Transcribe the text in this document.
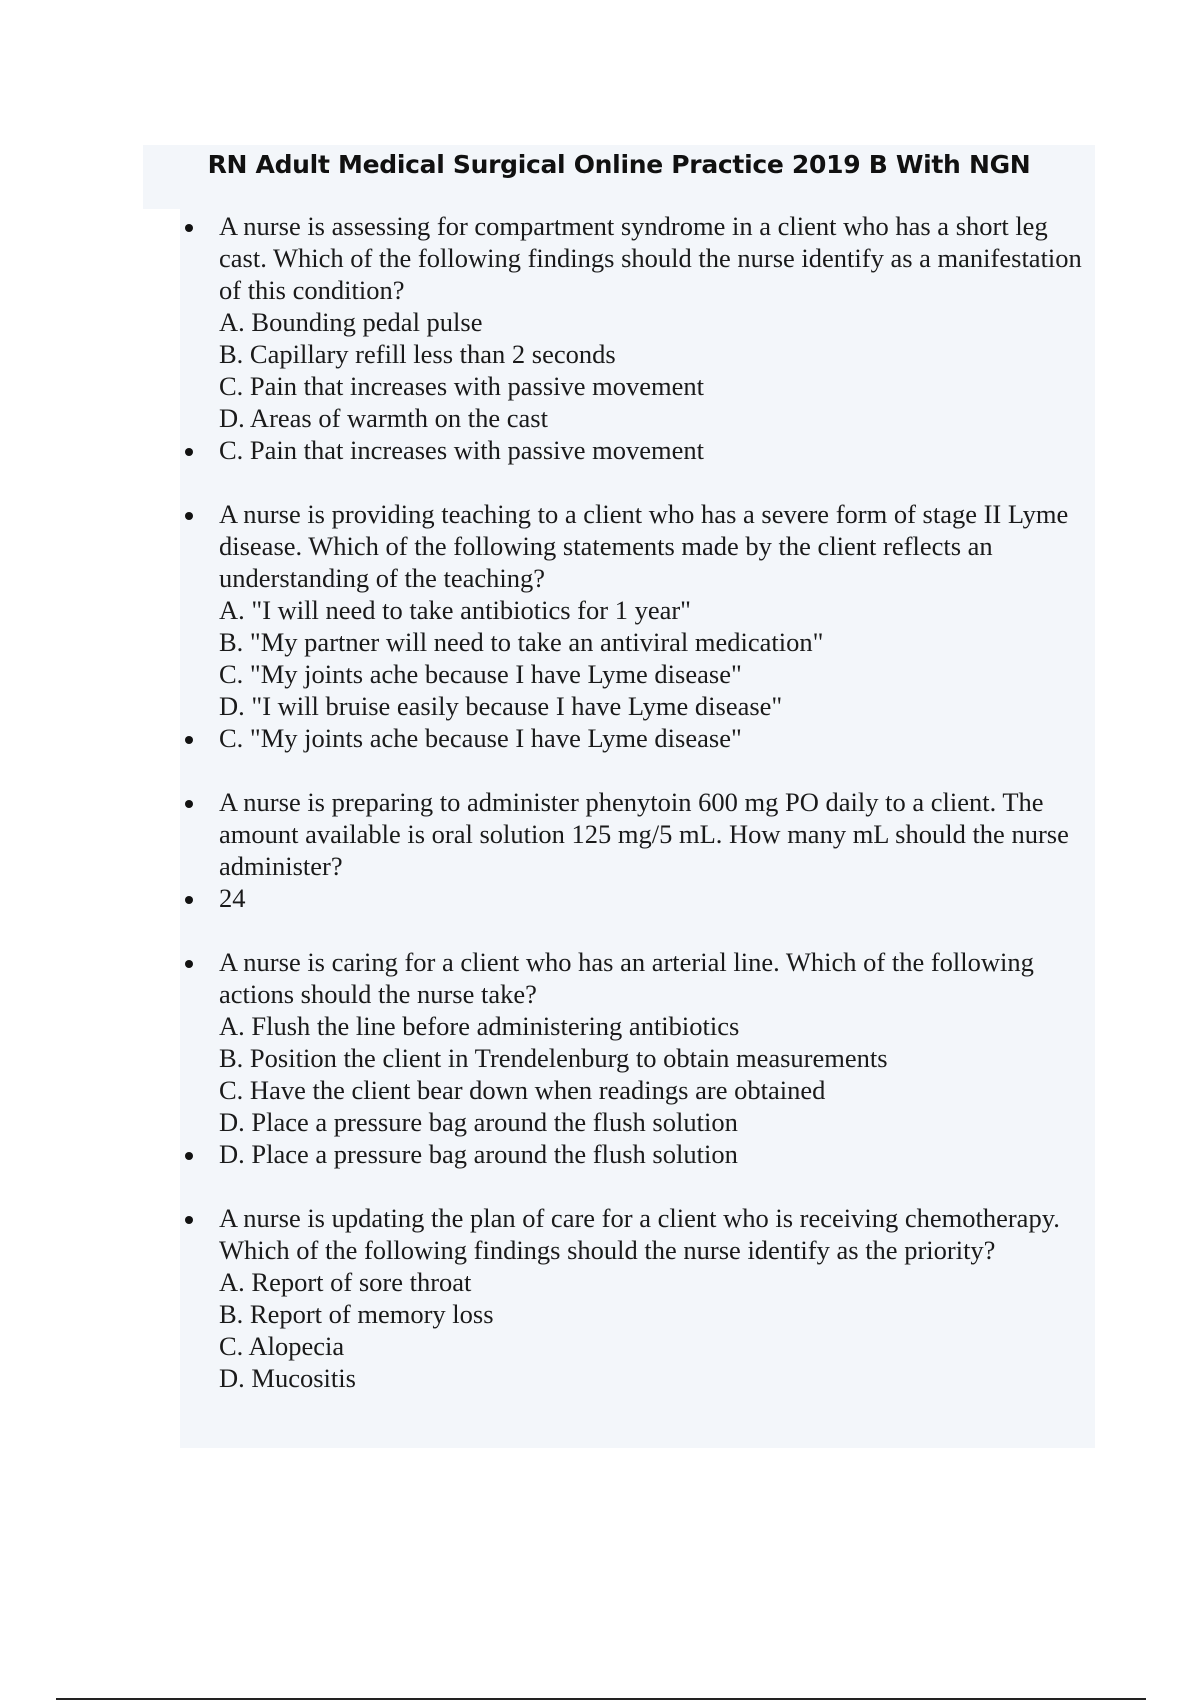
RN Adult Medical Surgical Online Practice 2019 B With NGN
A nurse is assessing for compartment syndrome in a client who has a short leg cast. Which of the following findings should the nurse identify as a manifestation of this condition?
A. Bounding pedal pulse
B. Capillary refill less than 2 seconds
C. Pain that increases with passive movement
D. Areas of warmth on the cast
C. Pain that increases with passive movement
A nurse is providing teaching to a client who has a severe form of stage II Lyme disease. Which of the following statements made by the client reflects an understanding of the teaching?
A. "I will need to take antibiotics for 1 year"
B. "My partner will need to take an antiviral medication"
C. "My joints ache because I have Lyme disease"
D. "I will bruise easily because I have Lyme disease"
C. "My joints ache because I have Lyme disease"
A nurse is preparing to administer phenytoin 600 mg PO daily to a client. The amount available is oral solution 125 mg/5 mL. How many mL should the nurse administer?
24
A nurse is caring for a client who has an arterial line. Which of the following actions should the nurse take?
A. Flush the line before administering antibiotics
B. Position the client in Trendelenburg to obtain measurements
C. Have the client bear down when readings are obtained
D. Place a pressure bag around the flush solution
D. Place a pressure bag around the flush solution
A nurse is updating the plan of care for a client who is receiving chemotherapy. Which of the following findings should the nurse identify as the priority?
A. Report of sore throat
B. Report of memory loss
C. Alopecia
D. Mucositis
